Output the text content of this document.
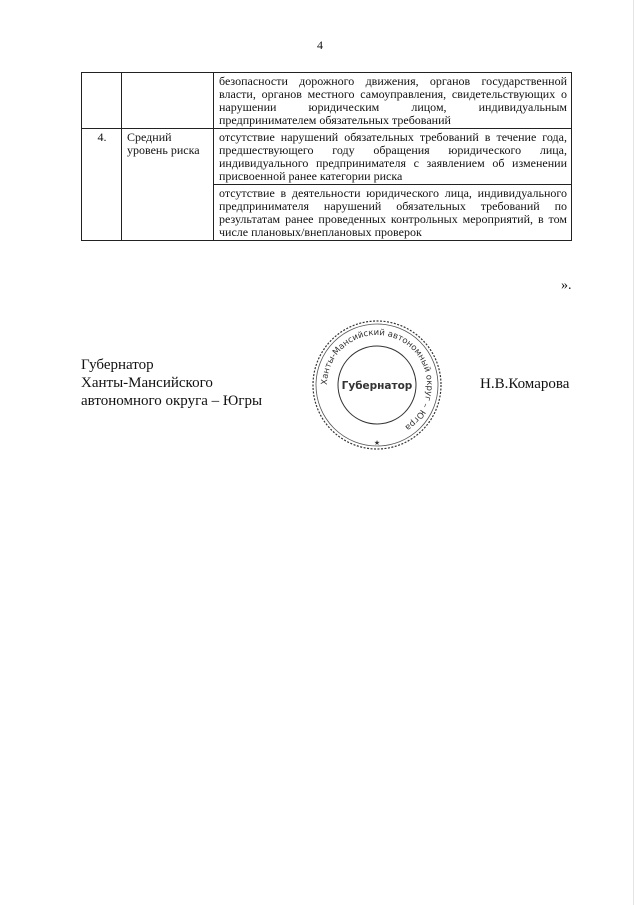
4
		безопасности дорожного движения, органов государственной власти, органов местного самоуправления, свидетельствующих о нарушении юридическим лицом, индивидуальным предпринимателем обязательных требований
4.	Средний уровень риска	отсутствие нарушений обязательных требований в течение года, предшествующего году обращения юридического лица, индивидуального предпринимателя с заявлением об изменении присвоенной ранее категории риска
		отсутствие в деятельности юридического лица, индивидуального предпринимателя нарушений обязательных требований по результатам ранее проведенных контрольных мероприятий, в том числе плановых/внеплановых проверок
».
Губернатор
Ханты-Мансийского
автономного округа – Югры
Н.В.Комарова
Ханты-Мансийский автономный округ – Югра
Губернатор
★
